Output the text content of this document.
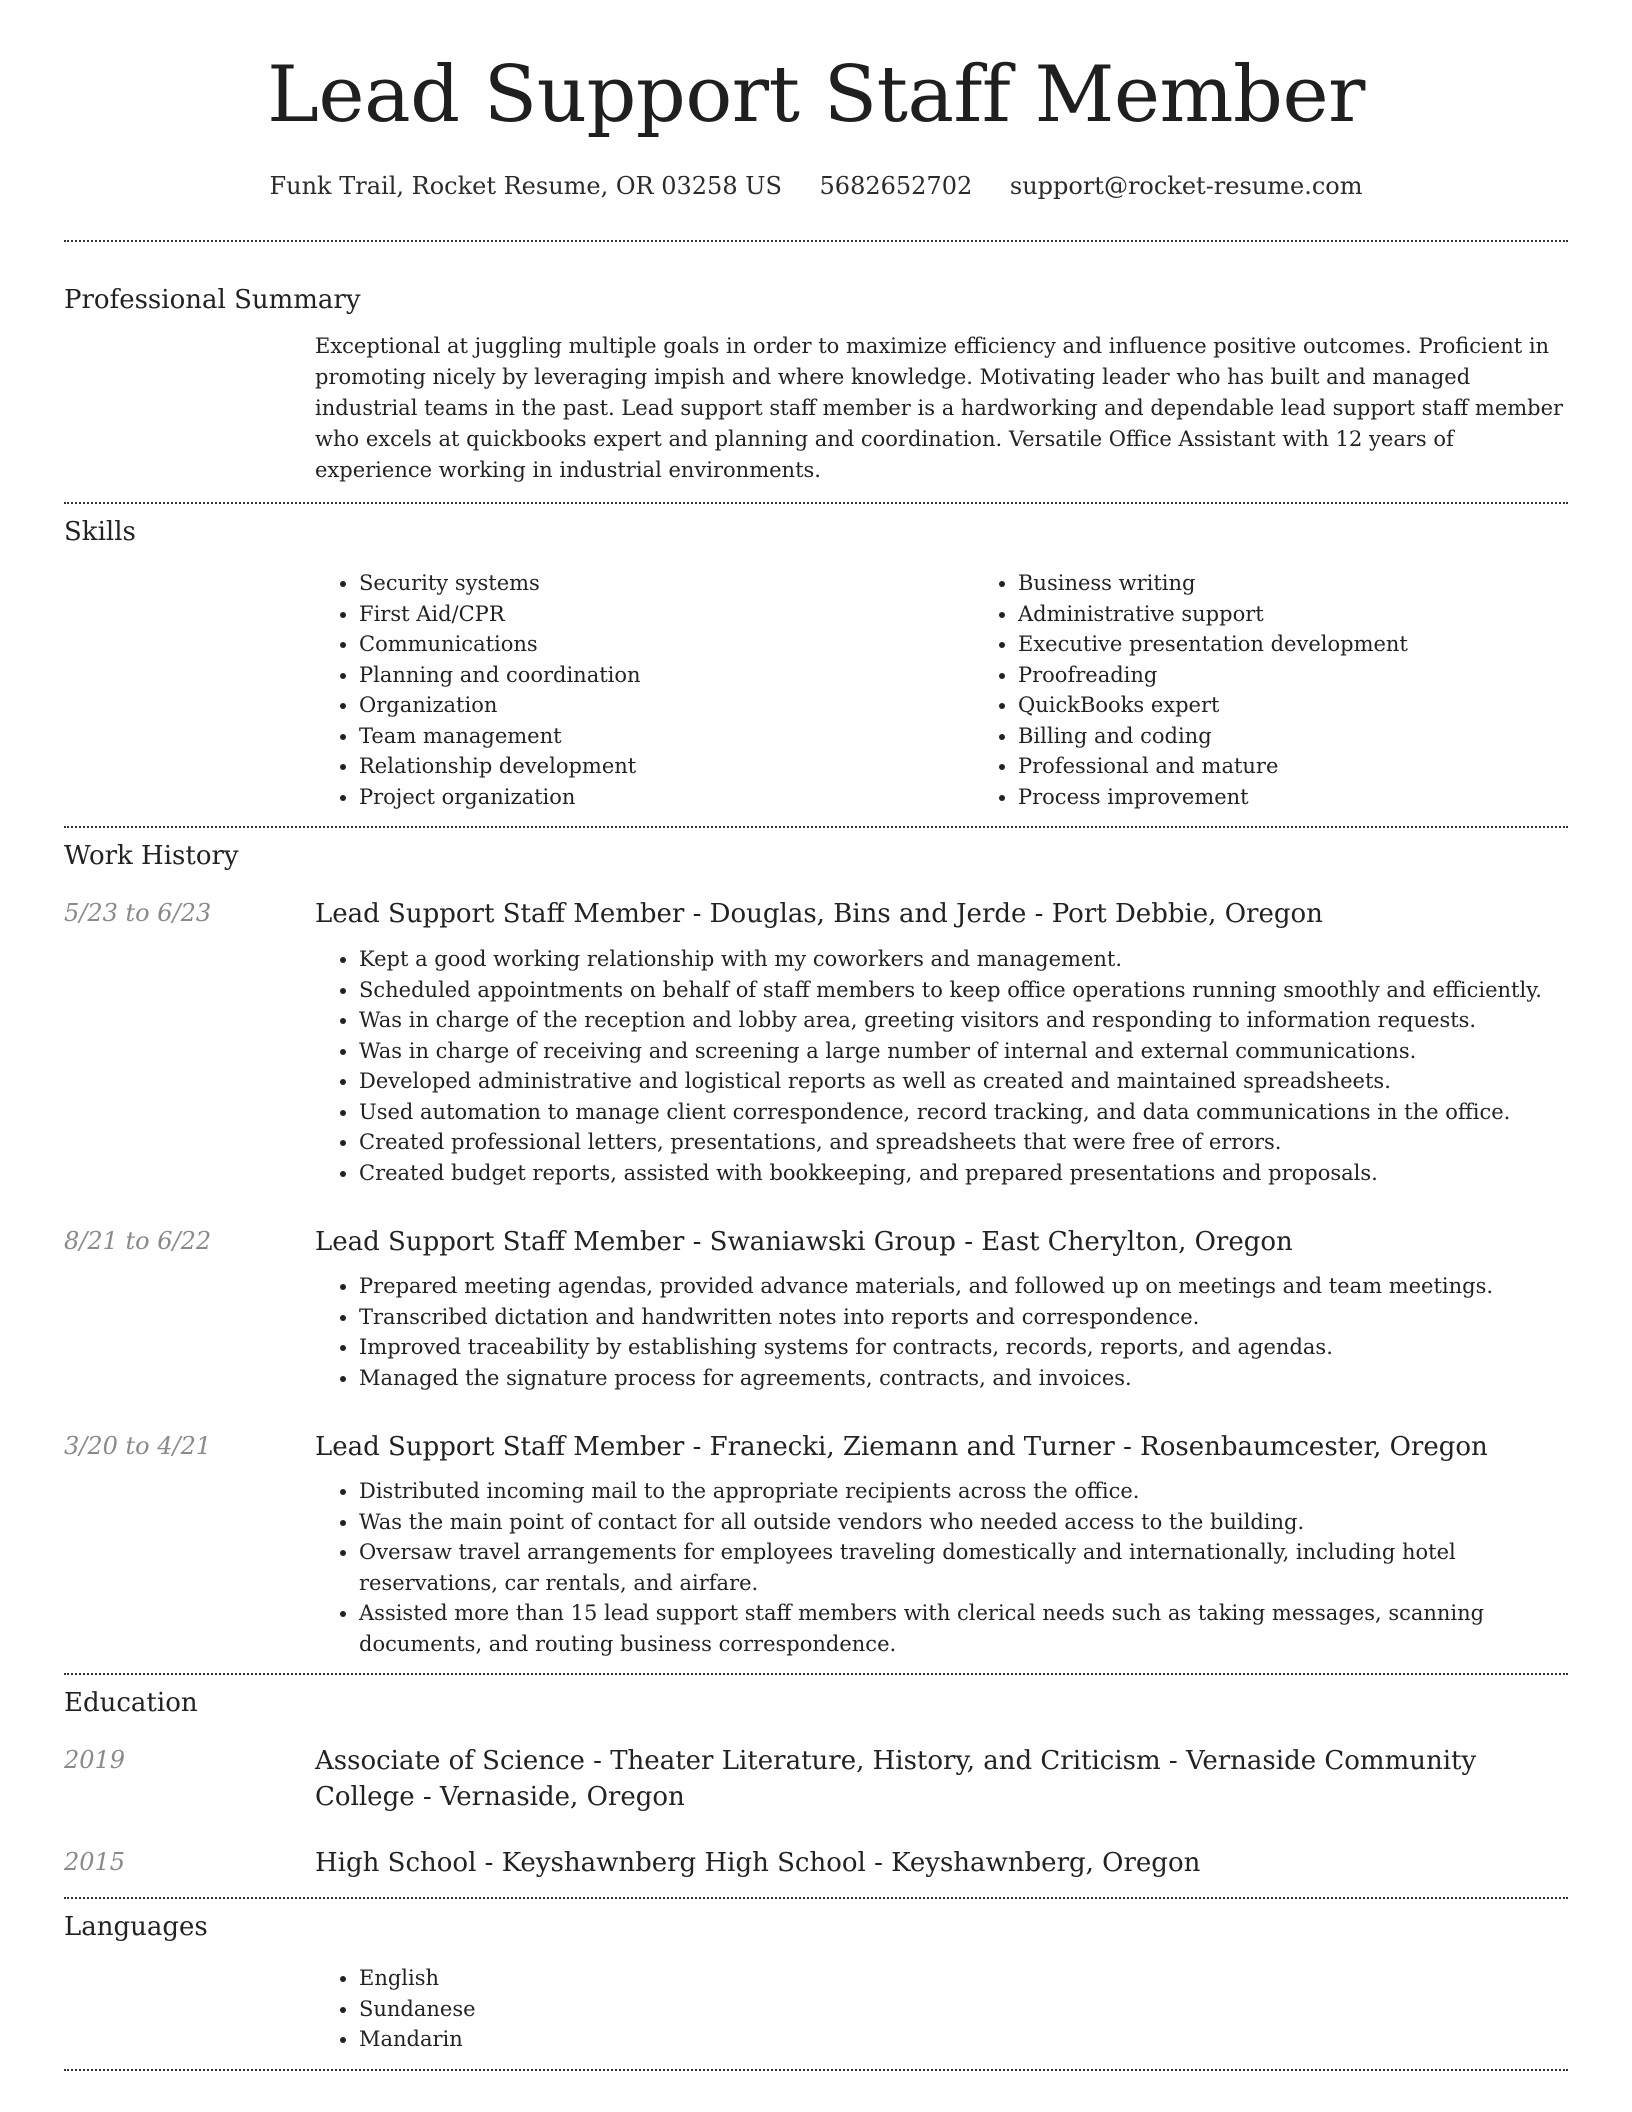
Lead Support Staff Member
Funk Trail, Rocket Resume, OR 03258 US 5682652702 support@rocket-resume.com
Professional Summary

Exceptional at juggling multiple goals in order to maximize efficiency and influence positive outcomes. Proficient in promoting nicely by leveraging impish and where knowledge. Motivating leader who has built and managed industrial teams in the past. Lead support staff member is a hardworking and dependable lead support staff member who excels at quickbooks expert and planning and coordination. Versatile Office Assistant with 12 years of experience working in industrial environments.

Skills
• Security systems
• First Aid/CPR
• Communications
• Planning and coordination
• Organization
• Team management
• Relationship development
• Project organization
• Business writing
• Administrative support
• Executive presentation development
• Proofreading
• QuickBooks expert
• Billing and coding
• Professional and mature
• Process improvement
Work History
5/23 to 6/23	Lead Support Staff Member - Douglas, Bins and Jerde - Port Debbie, Oregon
• Kept a good working relationship with my coworkers and management.
• Scheduled appointments on behalf of staff members to keep office operations running smoothly and efficiently.
• Was in charge of the reception and lobby area, greeting visitors and responding to information requests.
• Was in charge of receiving and screening a large number of internal and external communications.
• Developed administrative and logistical reports as well as created and maintained spreadsheets.
• Used automation to manage client correspondence, record tracking, and data communications in the office.
• Created professional letters, presentations, and spreadsheets that were free of errors.
• Created budget reports, assisted with bookkeeping, and prepared presentations and proposals.
8/21 to 6/22	Lead Support Staff Member - Swaniawski Group - East Cherylton, Oregon
• Prepared meeting agendas, provided advance materials, and followed up on meetings and team meetings.
• Transcribed dictation and handwritten notes into reports and correspondence.
• Improved traceability by establishing systems for contracts, records, reports, and agendas.
• Managed the signature process for agreements, contracts, and invoices.
3/20 to 4/21	Lead Support Staff Member - Franecki, Ziemann and Turner - Rosenbaumcester, Oregon
• Distributed incoming mail to the appropriate recipients across the office.
• Was the main point of contact for all outside vendors who needed access to the building.
• Oversaw travel arrangements for employees traveling domestically and internationally, including hotel reservations, car rentals, and airfare.
• Assisted more than 15 lead support staff members with clerical needs such as taking messages, scanning documents, and routing business correspondence.
Education
2019	Associate of Science - Theater Literature, History, and Criticism - Vernaside Community College - Vernaside, Oregon
2015	High School - Keyshawnberg High School - Keyshawnberg, Oregon
Languages
• English
• Sundanese
• Mandarin
